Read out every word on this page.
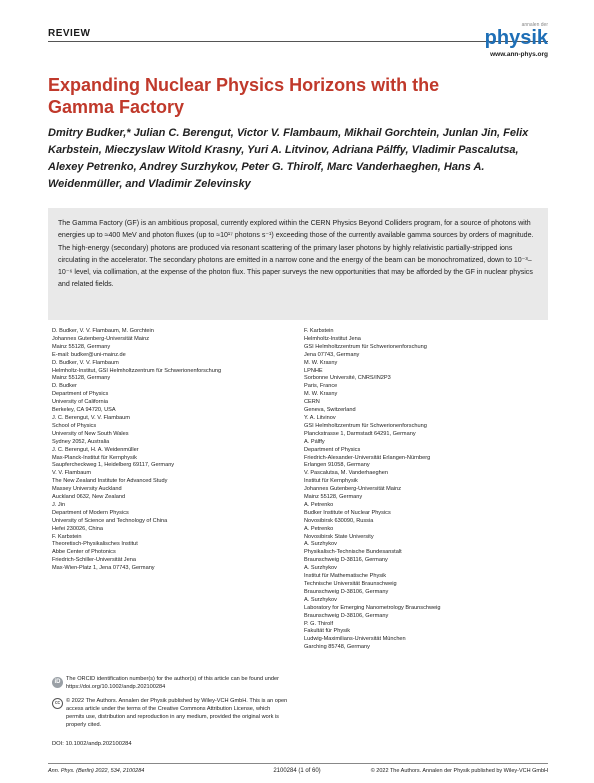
REVIEW
annalen der
physik
www.ann-phys.org
Expanding Nuclear Physics Horizons with the Gamma Factory
Dmitry Budker,* Julian C. Berengut, Victor V. Flambaum, Mikhail Gorchtein, Junlan Jin, Felix Karbstein, Mieczyslaw Witold Krasny, Yuri A. Litvinov, Adriana Pálffy, Vladimir Pascalutsa, Alexey Petrenko, Andrey Surzhykov, Peter G. Thirolf, Marc Vanderhaeghen, Hans A. Weidenmüller, and Vladimir Zelevinsky
The Gamma Factory (GF) is an ambitious proposal, currently explored within the CERN Physics Beyond Colliders program, for a source of photons with energies up to ≈400 MeV and photon fluxes (up to ≈10¹⁷ photons s⁻¹) exceeding those of the currently available gamma sources by orders of magnitude. The high-energy (secondary) photons are produced via resonant scattering of the primary laser photons by highly relativistic partially-stripped ions circulating in the accelerator. The secondary photons are emitted in a narrow cone and the energy of the beam can be monochromatized, down to 10⁻³–10⁻⁶ level, via collimation, at the expense of the photon flux. This paper surveys the new opportunities that may be afforded by the GF in nuclear physics and related fields.
D. Budker, V. V. Flambaum, M. Gorchtein
Johannes Gutenberg-Universität Mainz
Mainz 55128, Germany
E-mail: budker@uni-mainz.de
D. Budker, V. V. Flambaum
Helmholtz-Institut, GSI Helmholtzzentrum für Schwerionenforschung
Mainz 55128, Germany
D. Budker
Department of Physics
University of California
Berkeley, CA 94720, USA
J. C. Berengut, V. V. Flambaum
School of Physics
University of New South Wales
Sydney 2052, Australia
J. C. Berengut, H. A. Weidenmüller
Max-Planck-Institut für Kernphysik
Saupfercheckweg 1, Heidelberg 69117, Germany
V. V. Flambaum
The New Zealand Institute for Advanced Study
Massey University Auckland
Auckland 0632, New Zealand
J. Jin
Department of Modern Physics
University of Science and Technology of China
Hefei 230026, China
F. Karbstein
Theoretisch-Physikalisches Institut
Abbe Center of Photonics
Friedrich-Schiller-Universität Jena
Max-Wien-Platz 1, Jena 07743, Germany
F. Karbstein
Helmholtz-Institut Jena
GSI Helmholtzzentrum für Schwerionenforschung
Jena 07743, Germany
M. W. Krasny
LPNHE
Sorbonne Université, CNRS/IN2P3
Paris, France
M. W. Krasny
CERN
Geneva, Switzerland
Y. A. Litvinov
GSI Helmholtzzentrum für Schwerionenforschung
Planckstrasse 1, Darmstadt 64291, Germany
A. Pálffy
Department of Physics
Friedrich-Alexander-Universität Erlangen-Nürnberg
Erlangen 91058, Germany
V. Pascalutsa, M. Vanderhaeghen
Institut für Kernphysik
Johannes Gutenberg-Universität Mainz
Mainz 55128, Germany
A. Petrenko
Budker Institute of Nuclear Physics
Novosibirsk 630090, Russia
A. Petrenko
Novosibirsk State University
A. Surzhykov
Physikalisch-Technische Bundesanstalt
Braunschweig D-38116, Germany
A. Surzhykov
Institut für Mathematische Physik
Technische Universität Braunschweig
Braunschweig D-38106, Germany
A. Surzhykov
Laboratory for Emerging Nanometrology Braunschweig
Braunschweig D-38106, Germany
P. G. Thirolf
Fakultät für Physik
Ludwig-Maximilians-Universität München
Garching 85748, Germany
iD The ORCID identification number(s) for the author(s) of this article can be found under https://doi.org/10.1002/andp.202100284
cc	© 2022 The Authors. Annalen der Physik published by Wiley-VCH GmbH. This is an open access article under the terms of the Creative Commons Attribution License, which permits use, distribution and reproduction in any medium, provided the original work is properly cited.
DOI: 10.1002/andp.202100284
Ann. Phys. (Berlin) 2022, 534, 2100284	2100284 (1 of 60)	© 2022 The Authors. Annalen der Physik published by Wiley-VCH GmbH
